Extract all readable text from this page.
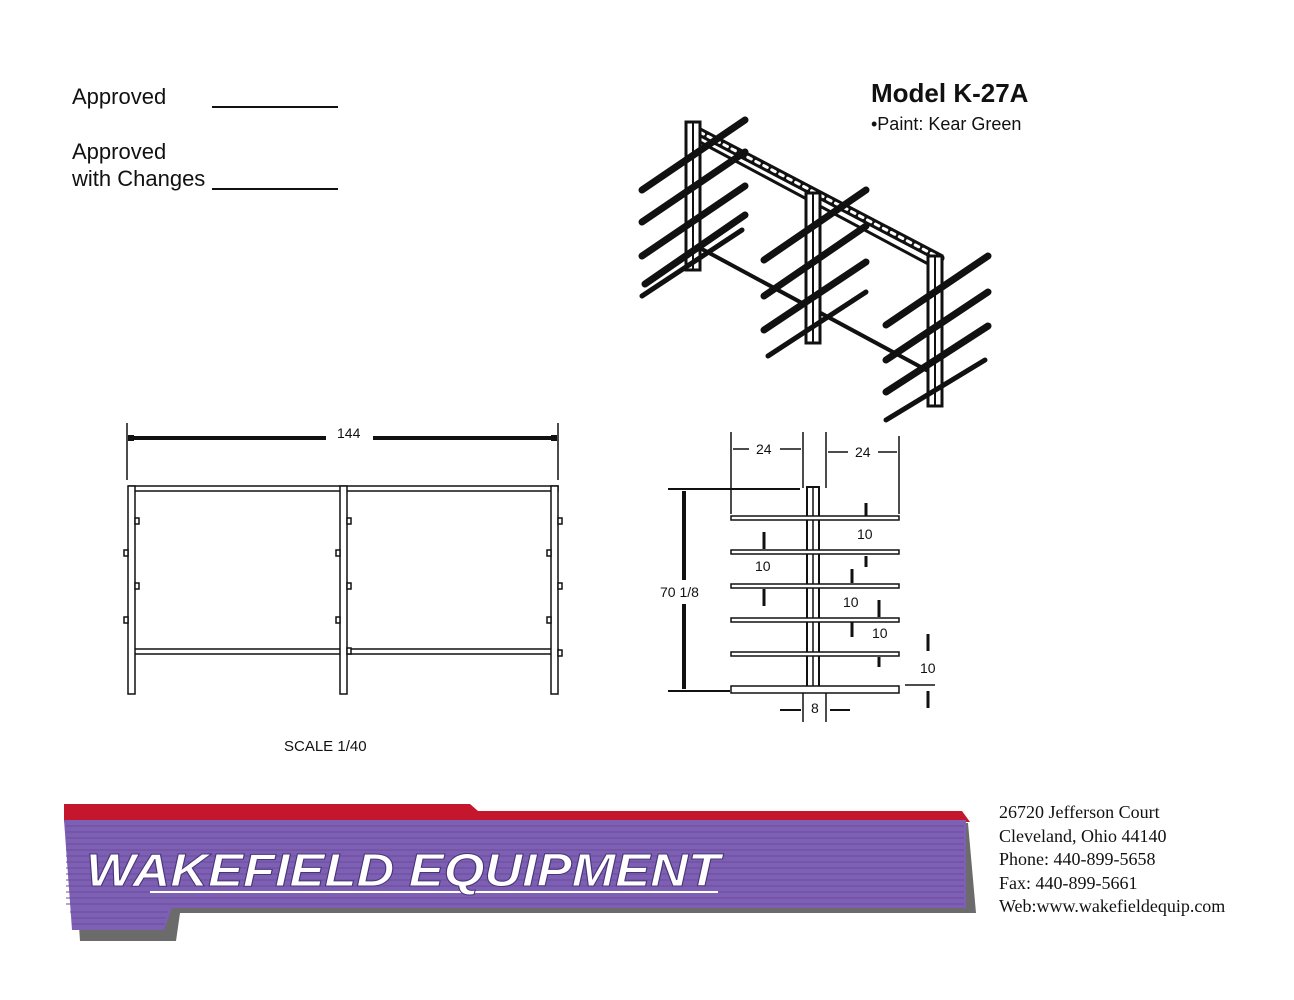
Approved
Approved
with Changes
Model K-27A
•Paint: Kear Green
144
SCALE 1/40
24	24
70 1/8
8
10
10
10
10
10
WAKEFIELD EQUIPMENT
26720 Jefferson Court
Cleveland, Ohio 44140
Phone: 440-899-5658
Fax: 440-899-5661
Web:www.wakefieldequip.com
